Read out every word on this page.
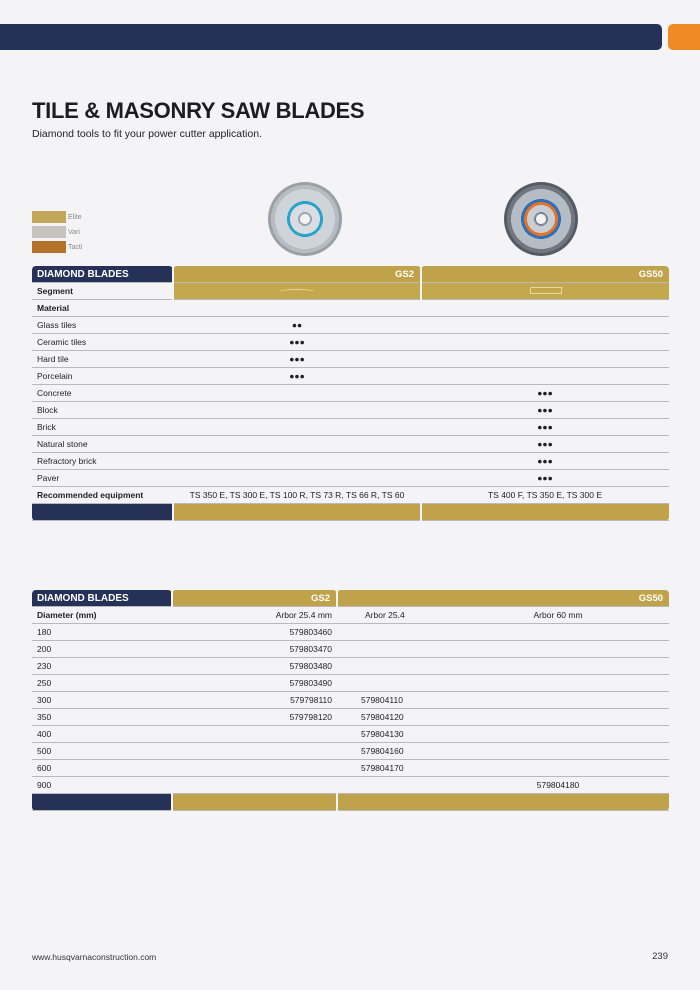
TILE & MASONRY SAW BLADES

Diamond tools to fit your power cutter application.

Elite
Vari
Tacti
DIAMOND BLADES	GS2	GS50
Segment		
Material		
Glass tiles	●●	
Ceramic tiles	●●●	
Hard tile	●●●	
Porcelain	●●●	
Concrete		●●●
Block		●●●
Brick		●●●
Natural stone		●●●
Refractory brick		●●●
Paver		●●●
Recommended equipment	TS 350 E, TS 300 E, TS 100 R, TS 73 R, TS 66 R, TS 60	TS 400 F, TS 350 E, TS 300 E

DIAMOND BLADES	GS2	GS50	
Diameter (mm)	Arbor 25.4 mm	Arbor 25.4	Arbor 60 mm
180	579803460		
200	579803470		
230	579803480		
250	579803490		
300	579798110	579804110	
350	579798120	579804120	
400		579804130	
500		579804160	
600		579804170	
900			579804180

www.husqvarnaconstruction.com	239
